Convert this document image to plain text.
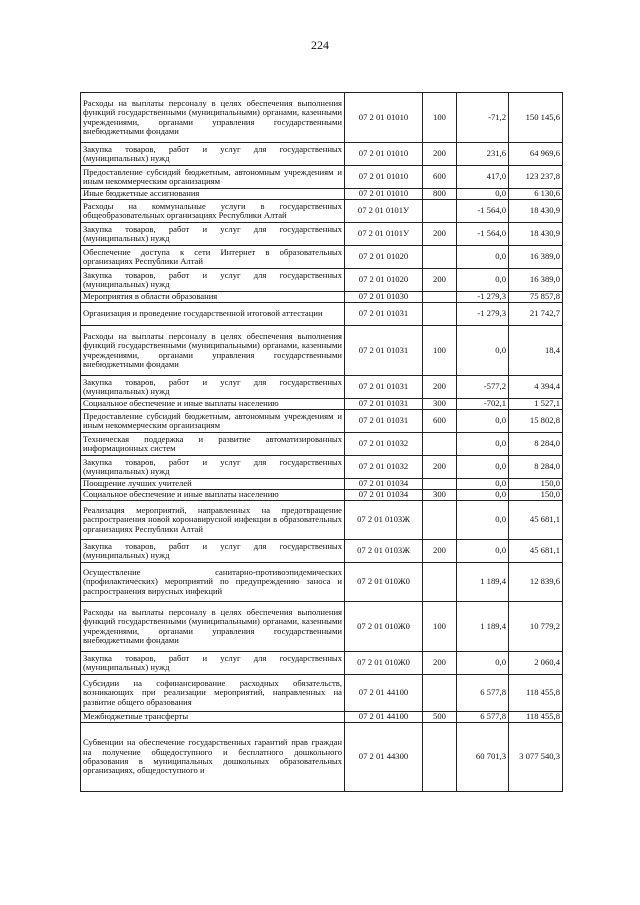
224
Расходы на выплаты персоналу в целях обеспечения выполнения функций государственными (муниципальными) органами, казенными учреждениями, органами управления государственными внебюджетными фондами	07 2 01 01010	100	-71,2	150 145,6
Закупка товаров, работ и услуг для государственных (муниципальных) нужд	07 2 01 01010	200	231,6	64 969,6
Предоставление субсидий бюджетным, автономным учреждениям и иным некоммерческим организациям	07 2 01 01010	600	417,0	123 237,8
Иные бюджетные ассигнования	07 2 01 01010	800	0,0	6 130,6
Расходы на коммунальные услуги в государственных общеобразовательных организациях Республики Алтай	07 2 01 0101У		-1 564,0	18 430,9
Закупка товаров, работ и услуг для государственных (муниципальных) нужд	07 2 01 0101У	200	-1 564,0	18 430,9
Обеспечение доступа к сети Интернет в образовательных организациях Республики Алтай	07 2 01 01020		0,0	16 389,0
Закупка товаров, работ и услуг для государственных (муниципальных) нужд	07 2 01 01020	200	0,0	16 389,0
Мероприятия в области образования	07 2 01 01030		-1 279,3	75 857,8
Организация и проведение государственной итоговой аттестации	07 2 01 01031		-1 279,3	21 742,7
Расходы на выплаты персоналу в целях обеспечения выполнения функций государственными (муниципальными) органами, казенными учреждениями, органами управления государственными внебюджетными фондами	07 2 01 01031	100	0,0	18,4
Закупка товаров, работ и услуг для государственных (муниципальных) нужд	07 2 01 01031	200	-577,2	4 394,4
Социальное обеспечение и иные выплаты населению	07 2 01 01031	300	-702,1	1 527,1
Предоставление субсидий бюджетным, автономным учреждениям и иным некоммерческим организациям	07 2 01 01031	600	0,0	15 802,8
Техническая поддержка и развитие автоматизированных информационных систем	07 2 01 01032		0,0	8 284,0
Закупка товаров, работ и услуг для государственных (муниципальных) нужд	07 2 01 01032	200	0,0	8 284,0
Поощрение лучших учителей	07 2 01 01034		0,0	150,0
Социальное обеспечение и иные выплаты населению	07 2 01 01034	300	0,0	150,0
Реализация мероприятий, направленных на предотвращение распространения новой коронавирусной инфекции в образовательных организациях Республики Алтай	07 2 01 0103Ж		0,0	45 681,1
Закупка товаров, работ и услуг для государственных (муниципальных) нужд	07 2 01 0103Ж	200	0,0	45 681,1
Осуществление санитарно-противоэпидемических (профилактических) мероприятий по предупреждению заноса и распространения вирусных инфекций	07 2 01 010Ж0		1 189,4	12 839,6
Расходы на выплаты персоналу в целях обеспечения выполнения функций государственными (муниципальными) органами, казенными учреждениями, органами управления государственными внебюджетными фондами	07 2 01 010Ж0	100	1 189,4	10 779,2
Закупка товаров, работ и услуг для государственных (муниципальных) нужд	07 2 01 010Ж0	200	0,0	2 060,4
Субсидии на софинансирование расходных обязательств, возникающих при реализации мероприятий, направленных на развитие общего образования	07 2 01 44100		6 577,8	118 455,8
Межбюджетные трансферты	07 2 01 44100	500	6 577,8	118 455,8
Субвенции на обеспечение государственных гарантий прав граждан на получение общедоступного и бесплатного дошкольного образования в муниципальных дошкольных образовательных организациях, общедоступного и	07 2 01 44300		60 701,3	3 077 540,3
